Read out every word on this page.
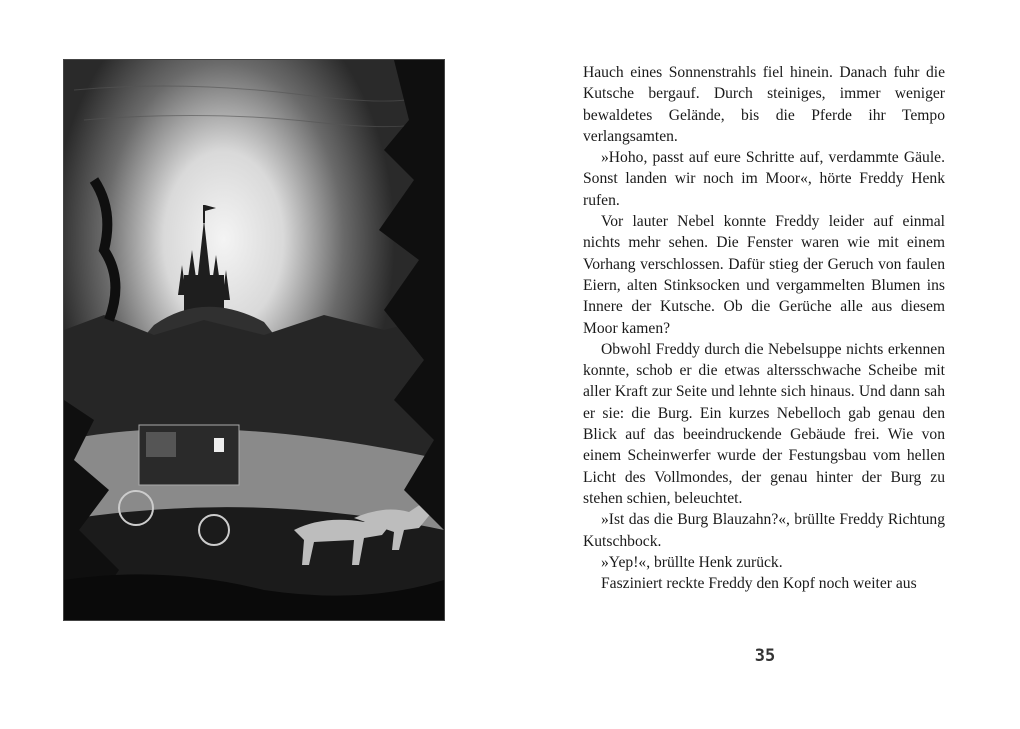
Hauch eines Sonnenstrahls fiel hinein. Danach fuhr die Kutsche bergauf. Durch steiniges, immer weniger bewaldetes Gelände, bis die Pferde ihr Tempo verlangsamten.

»Hoho, passt auf eure Schritte auf, verdammte Gäule. Sonst landen wir noch im Moor«, hörte Freddy Henk rufen.

Vor lauter Nebel konnte Freddy leider auf einmal nichts mehr sehen. Die Fenster waren wie mit einem Vorhang verschlossen. Dafür stieg der Geruch von faulen Eiern, alten Stinksocken und vergammelten Blumen ins Innere der Kutsche. Ob die Gerüche alle aus diesem Moor kamen?

Obwohl Freddy durch die Nebelsuppe nichts erkennen konnte, schob er die etwas altersschwache Scheibe mit aller Kraft zur Seite und lehnte sich hinaus. Und dann sah er sie: die Burg. Ein kurzes Nebelloch gab genau den Blick auf das beeindruckende Gebäude frei. Wie von einem Scheinwerfer wurde der Festungsbau vom hellen Licht des Vollmondes, der genau hinter der Burg zu stehen schien, beleuchtet.

»Ist das die Burg Blauzahn?«, brüllte Freddy Richtung Kutschbock.

»Yep!«, brüllte Henk zurück.

Fasziniert reckte Freddy den Kopf noch weiter aus

35
